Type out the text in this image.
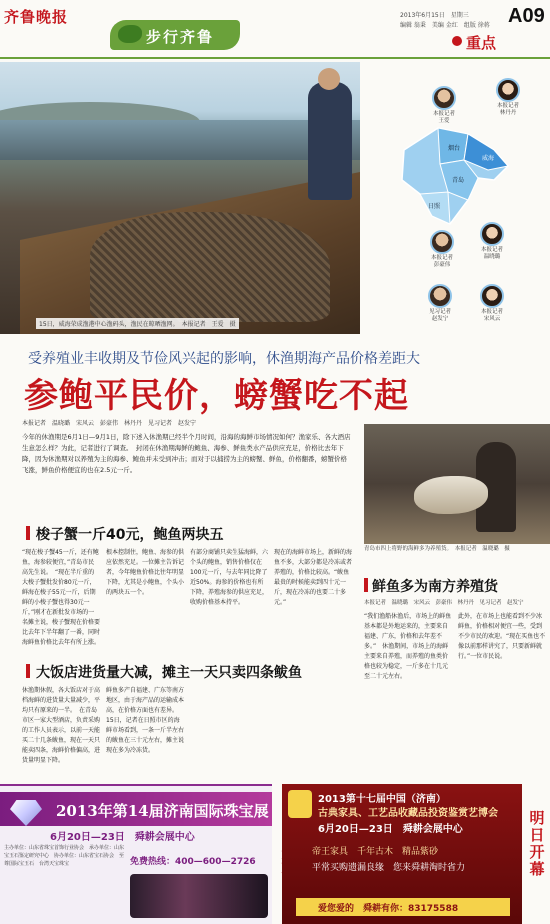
齐鲁晚报
步行齐鲁
2013年6月15日　星期三
编辑 翁秉　美编 金红　组版 徐蒋 A09
重点
15日，威海荣成渔港中心渔码头，渔民在晾晒渔网。　本报记者　王爱　摄
威海
烟台
青岛
日照
本报记者
王爱
本报记者
林丹丹
本报记者
彭豪伟
本报记者
温晓璐
见习记者
赵发宁
本报记者
宋风云
受养殖业丰收期及节俭风兴起的影响，休渔期海产品价格差距大
参鲍平民价，螃蟹吃不起
本报记者　温晓璐　宋风云　彭豪伟　林丹丹　见习记者　赵发宁
今年的休渔期是6月1日—9月1日，除下述入休渔期已经半个月时间，沿海的海鲜市场情况如何？渔家乐、各大酒店生意怎么样？为此，记者进行了调查。　封闭在休渔期海鲜的鲍鱼、海参、鲜鱼类水产品供应充足，价格比去年下降，因为休渔期对以养殖为主的海参、鲍鱼并未受到冲击；而对于以捕捞为主的螃蟹、鲜鱼，价格翻番，螃蟹价格飞涨，鲜鱼价格便宜的也在2.5元一斤。
青岛市四上将野的海鲜多为养殖货。　本报记者　温晓璐　摄
梭子蟹一斤40元，鲍鱼两块五
“现在梭子蟹45一斤，还有鲍鱼，海参较便宜，”青岛市民高先生说。　“现在半斤重的大梭子蟹批发价80元一斤，鲜海在梭子55元一斤，后期鲜的小梭子蟹也得30元一斤，”刚才在新批发市场的一名摊主说，梭子蟹现在价格要比去年下半年翻了一番，同时海鲜鱼价格比去年有所上涨。
根本控制住，鲍鱼、海参的供应依然充足。一位摊主告诉记者，今年鲍鱼价格比往年明显下降，尤其是小鲍鱼，个头小的两块五一个。
有部分商铺只卖生猛海鲜，六个头的鲍鱼，销售价格仅在100元一斤，与去年同比降了近50%。海参的价格也有所下降，养殖海参的供应充足，收购价格基本持平。
现在的海鲜市场上，新鲜的海鱼不多，大部分都是冷冻或者养殖的，价格比较高。“鲅鱼最贵的时候能卖到四十元一斤，现在冷冻的也要二十多元。”
大饭店进货量大减，摊主一天只卖四条鲅鱼
休渔期休假，各大饭店对于高档海鲜的进货量大量减少，平均只有原来的一半。　在青岛市区一家大型酒店，负责采购的工作人员表示，以前一天能买二十几条鲅鱼，现在一天只能卖四条，海鲜价格偏高，进货量明显下降。
鲜鱼多产自福建、广东等南方地区，由于海产品的运输成本高，在价格方面也有差异。　15日，记者在日照市区的海鲜市场看到，一条一斤半左右的鲅鱼在三十元左右，摊主说现在多为冷冻货。
鲜鱼多为南方养殖货
本报记者　温晓璐　宋风云　彭豪伟　林丹丹　见习记者　赵发宁
“我们渔船休渔后，市场上的鲜鱼基本都是外地运来的，主要来自福建、广东，价格和去年差不多。”　休渔期间，市场上的海鲜主要来自养殖，而养殖的鱼类价格也较为稳定，一斤多在十几元至二十元左右。
此外，在市场上也能看到不少冰鲜鱼，价格相对便宜一些，受到不少市民的欢迎。“现在买鱼也不像以前那样讲究了，只要新鲜就行。”一位市民说。
2013年第14届济南国际珠宝展
6月20日—23日　舜耕会展中心
主办单位：山东省珠宝首饰行业协会　承办单位：山东宝玉石鉴定研究中心　协办单位：山东省宝石协会　至尊国际宝玉石　台湾天宝珠宝	免费热线：400—600—2726
2013第十七届中国（济南）
古典家具、工艺品收藏品投资鉴赏艺博会
6月20日—23日　舜耕会展中心
帝王家具　千年古木　精品紫砂
平常买购遗漏良缘　您来舜耕淘时省力
爱您爱的　舜耕有你：83175588
明日开幕
